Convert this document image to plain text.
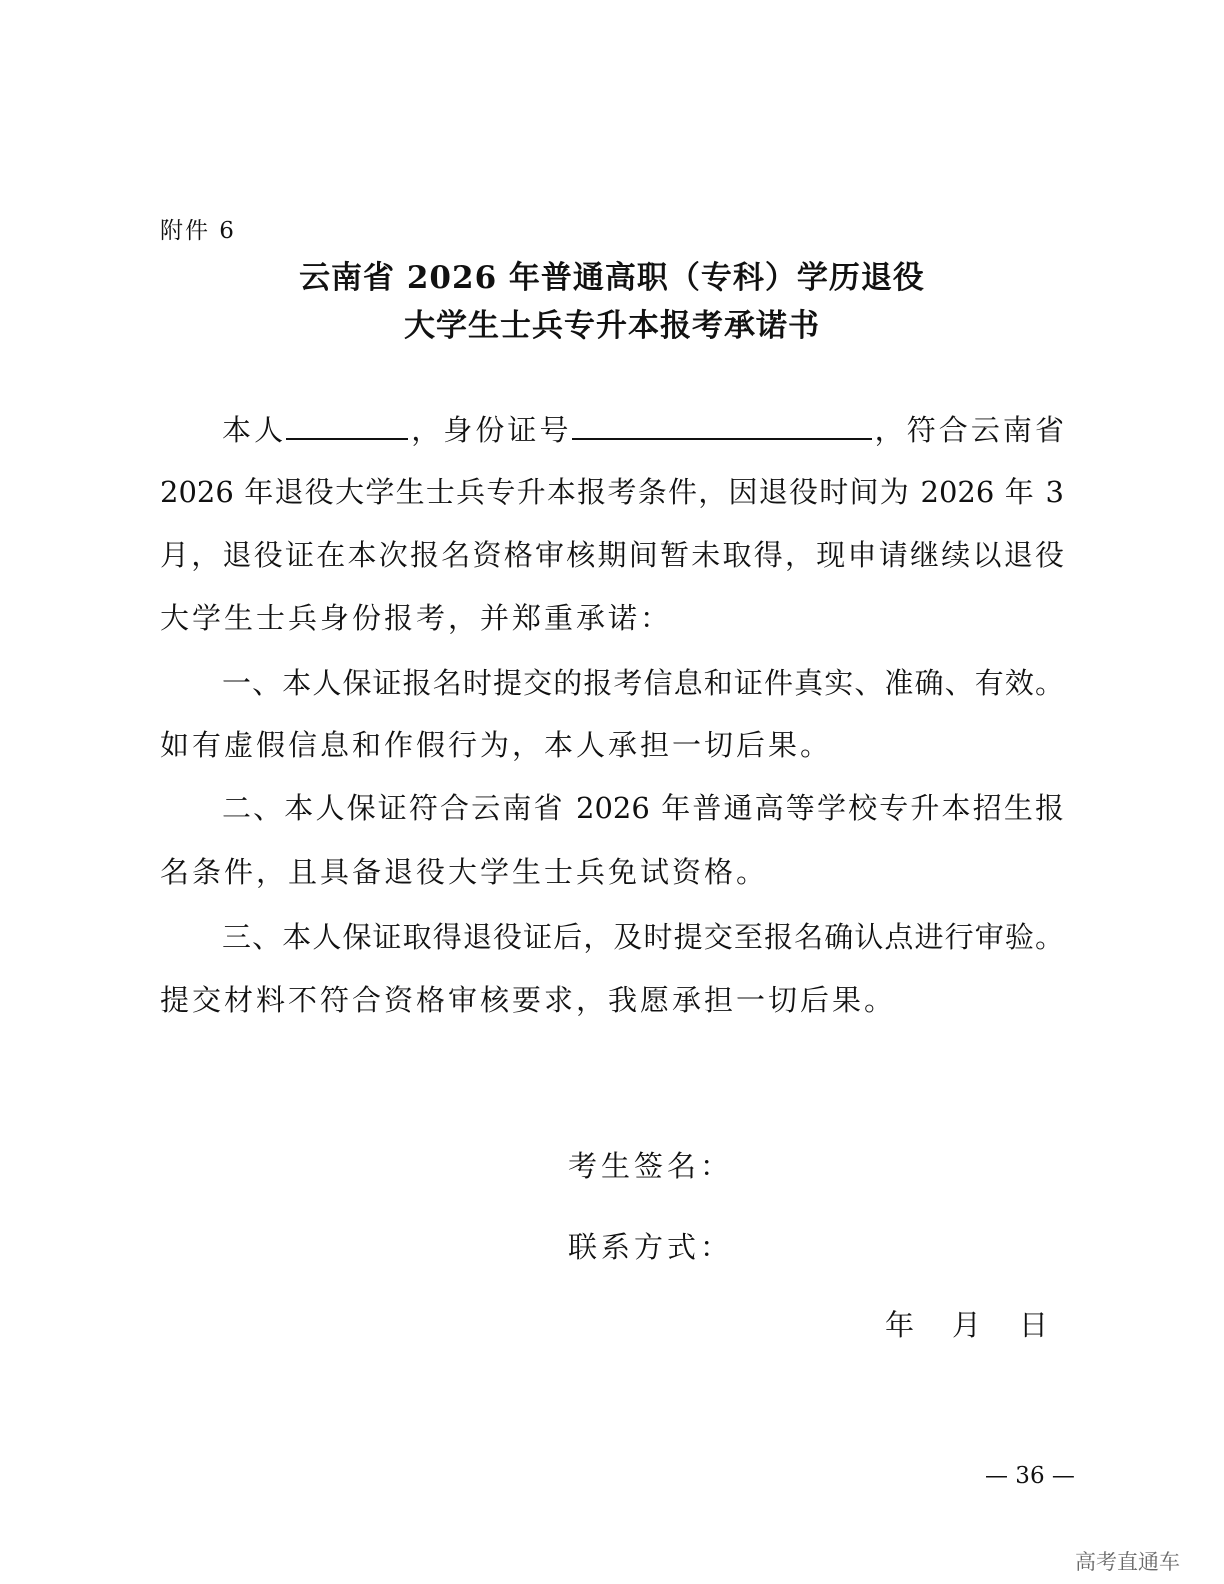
附件 6
云南省 2026 年普通高职（专科）学历退役
大学生士兵专升本报考承诺书
本人	，身份证号	，符合云南省
2026 年退役大学生士兵专升本报考条件，因退役时间为 2026 年 3
月，退役证在本次报名资格审核期间暂未取得，现申请继续以退役
大学生士兵身份报考，并郑重承诺：
一、本人保证报名时提交的报考信息和证件真实、准确、有效。
如有虚假信息和作假行为，本人承担一切后果。
二、本人保证符合云南省 2026 年普通高等学校专升本招生报
名条件，且具备退役大学生士兵免试资格。
三、本人保证取得退役证后，及时提交至报名确认点进行审验。
提交材料不符合资格审核要求，我愿承担一切后果。
考生签名：
联系方式：
年 月 日
— 36 —
高考直通车
